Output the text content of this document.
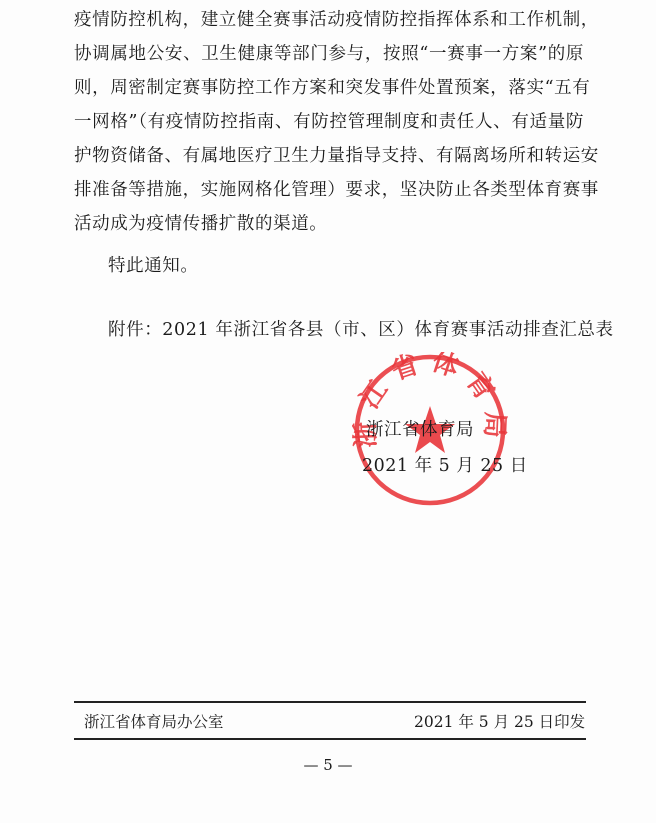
疫情防控机构，建立健全赛事活动疫情防控指挥体系和工作机制，
协调属地公安、卫生健康等部门参与，按照“一赛事一方案”的原
则，周密制定赛事防控工作方案和突发事件处置预案，落实“五有
一网格”（有疫情防控指南、有防控管理制度和责任人、有适量防
护物资储备、有属地医疗卫生力量指导支持、有隔离场所和转运安
排准备等措施，实施网格化管理）要求，坚决防止各类型体育赛事
活动成为疫情传播扩散的渠道。
特此通知。
附件：2021 年浙江省各县（市、区）体育赛事活动排查汇总表
浙江省体育局
浙江省体育局
2021 年 5 月 25 日
浙江省体育局办公室	2021 年 5 月 25 日印发
— 5 —
